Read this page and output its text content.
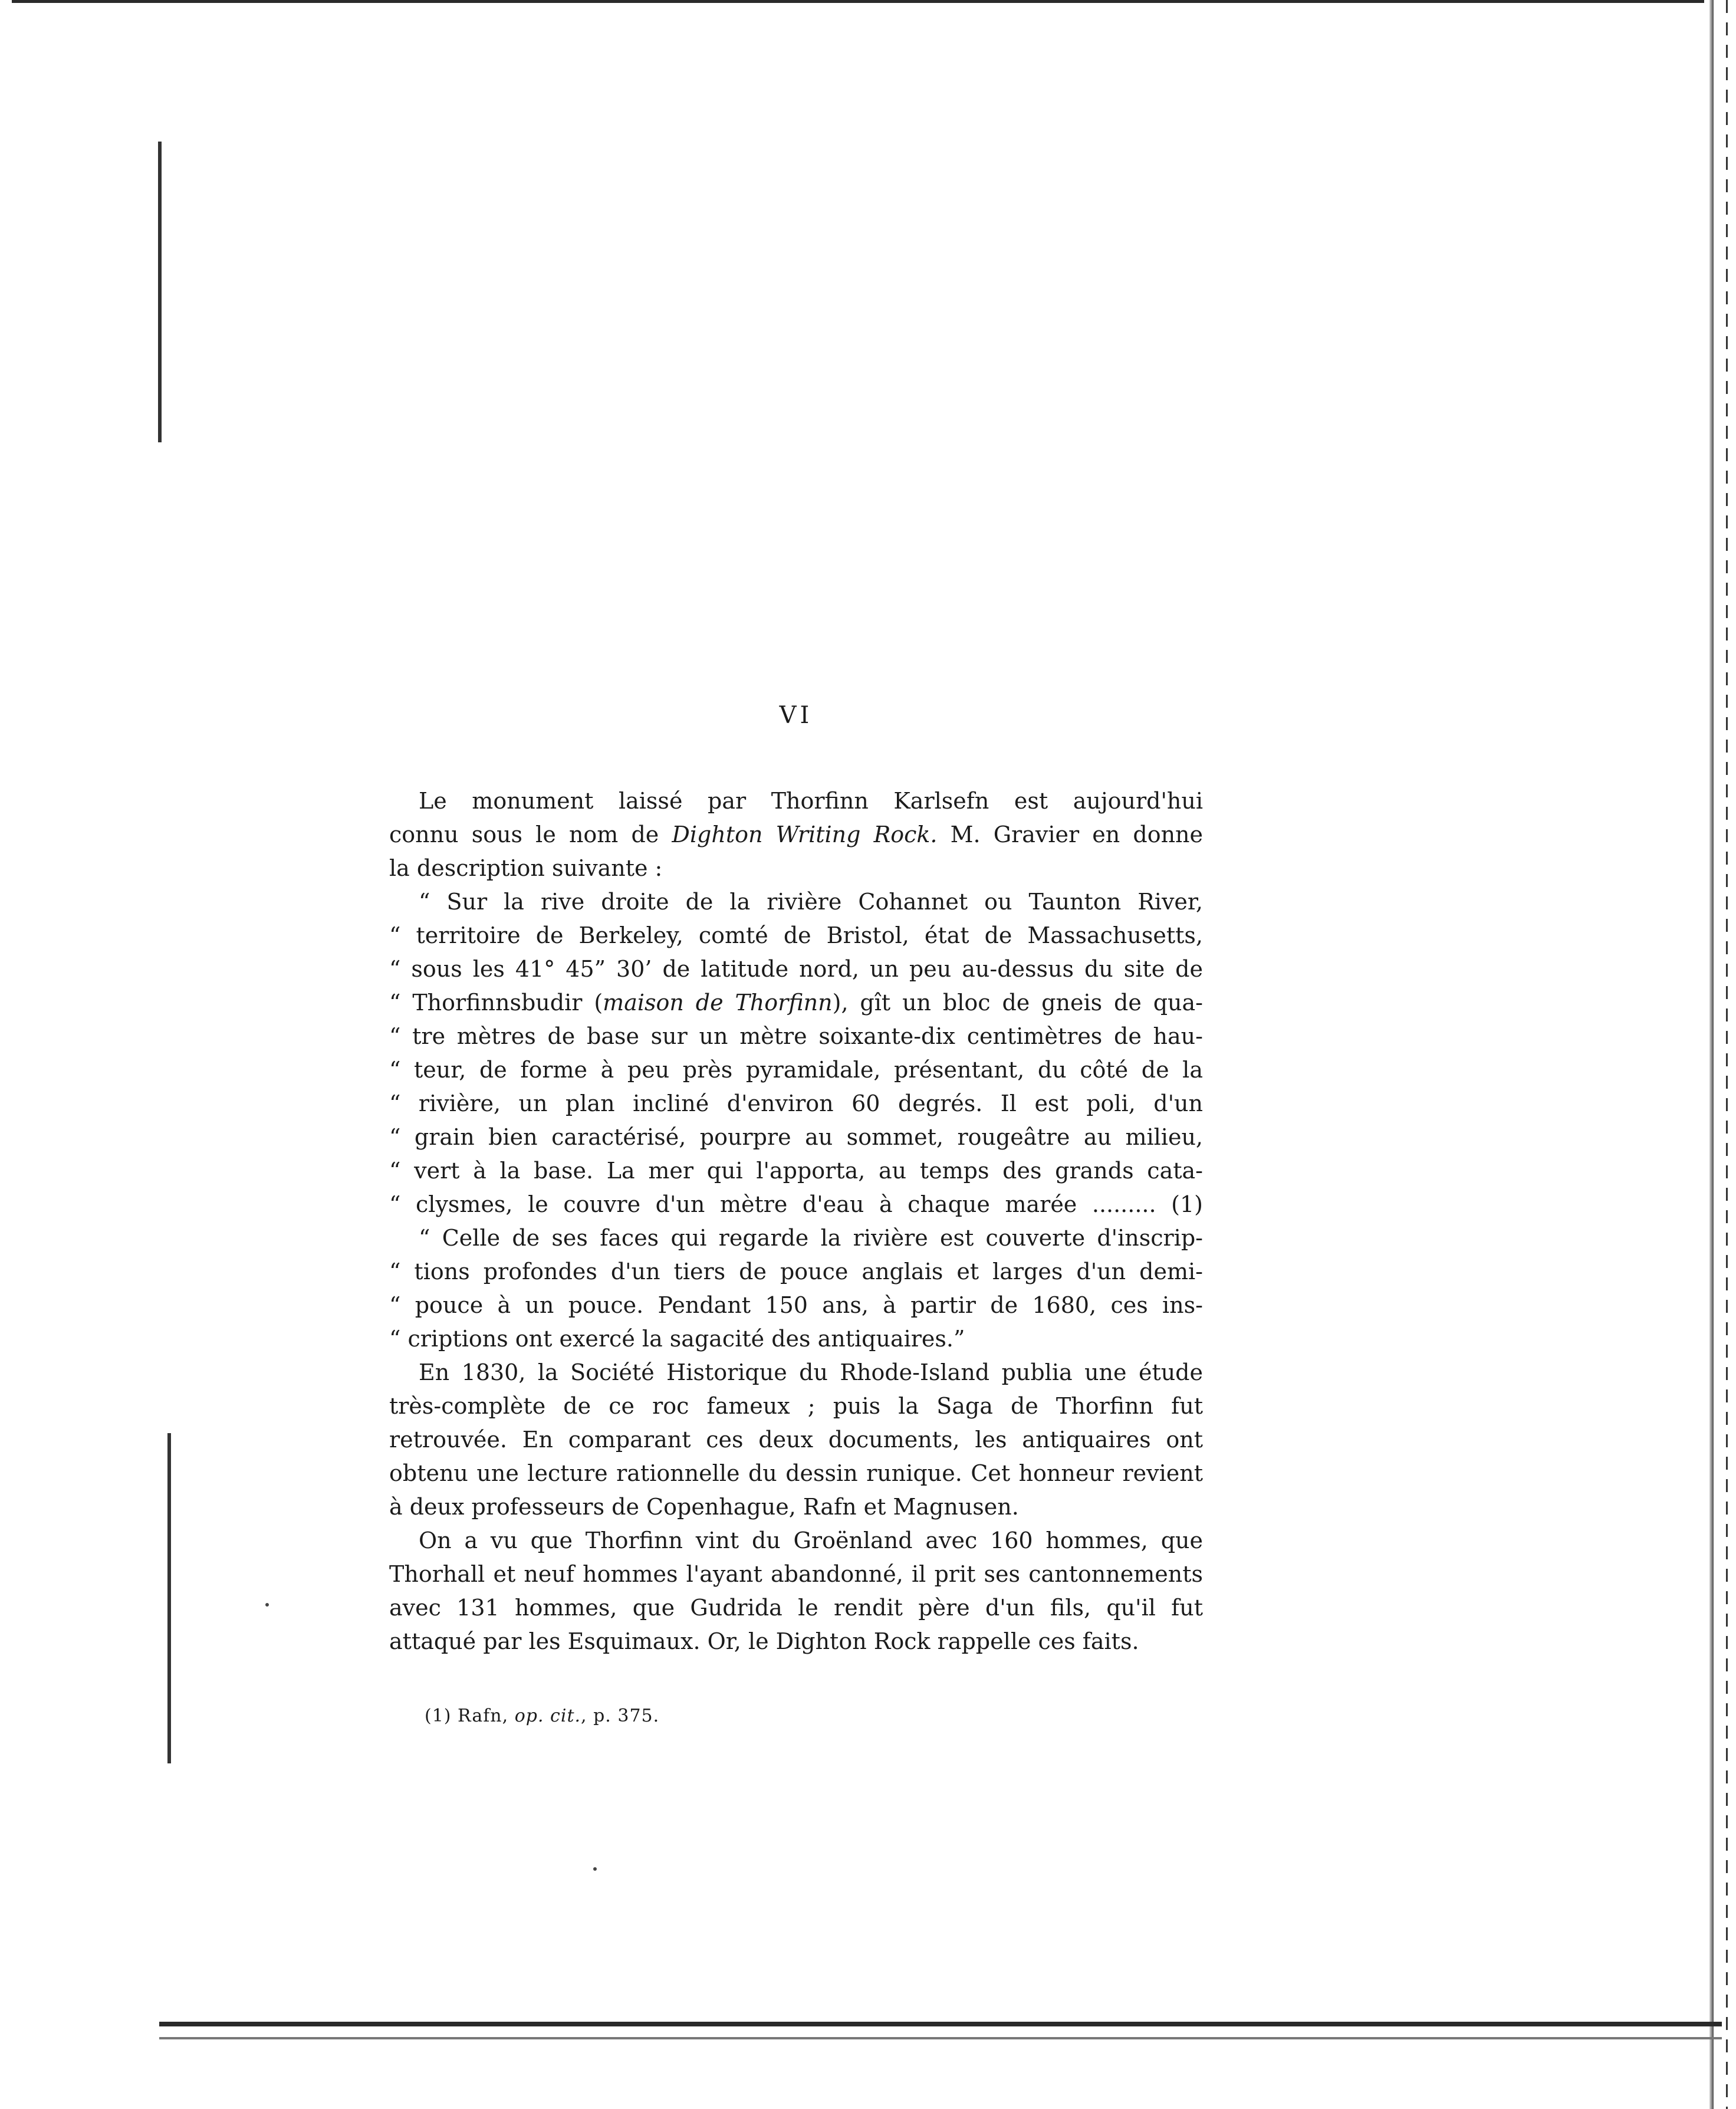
VI
Le monument laissé par Thorfinn Karlsefn est aujourd'hui
connu sous le nom de Dighton Writing Rock. M. Gravier en donne
la description suivante :
“ Sur la rive droite de la rivière Cohannet ou Taunton River,
“ territoire de Berkeley, comté de Bristol, état de Massachusetts,
“ sous les 41° 45” 30’ de latitude nord, un peu au-dessus du site de
“ Thorfinnsbudir (maison de Thorfinn), gît un bloc de gneis de qua-
“ tre mètres de base sur un mètre soixante-dix centimètres de hau-
“ teur, de forme à peu près pyramidale, présentant, du côté de la
“ rivière, un plan incliné d'environ 60 degrés. Il est poli, d'un
“ grain bien caractérisé, pourpre au sommet, rougeâtre au milieu,
“ vert à la base. La mer qui l'apporta, au temps des grands cata-
“ clysmes, le couvre d'un mètre d'eau à chaque marée ......... (1)
“ Celle de ses faces qui regarde la rivière est couverte d'inscrip-
“ tions profondes d'un tiers de pouce anglais et larges d'un demi-
“ pouce à un pouce. Pendant 150 ans, à partir de 1680, ces ins-
“ criptions ont exercé la sagacité des antiquaires.”

En 1830, la Société Historique du Rhode-Island publia une étude très-complète de ce roc fameux ; puis la Saga de Thorfinn fut retrouvée. En comparant ces deux documents, les antiquaires ont obtenu une lecture rationnelle du dessin runique. Cet honneur revient à deux professeurs de Copenhague, Rafn et Magnusen.

On a vu que Thorfinn vint du Groënland avec 160 hommes, que Thorhall et neuf hommes l'ayant abandonné, il prit ses cantonnements avec 131 hommes, que Gudrida le rendit père d'un fils, qu'il fut attaqué par les Esquimaux. Or, le Dighton Rock rappelle ces faits.

(1) Rafn, op. cit., p. 375.
